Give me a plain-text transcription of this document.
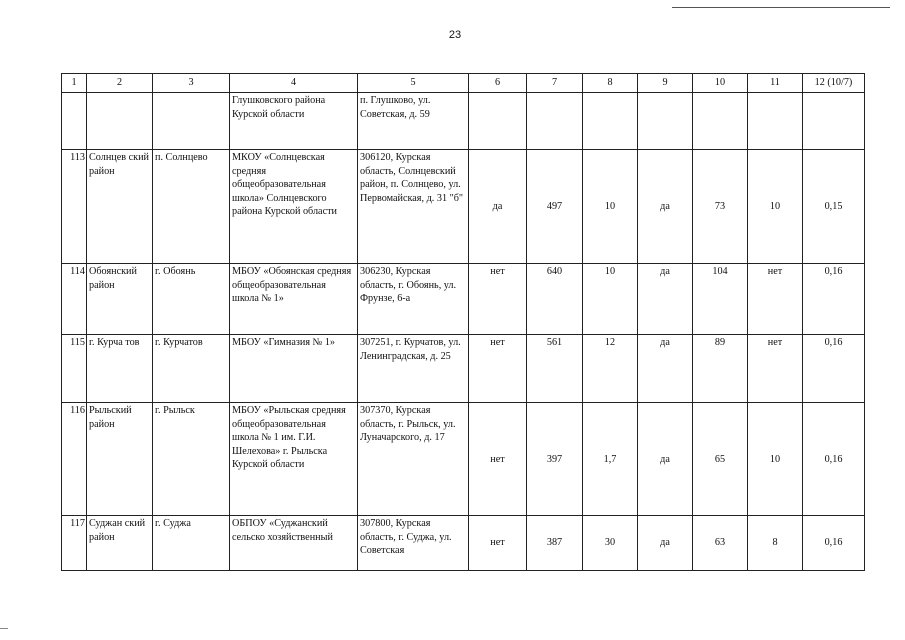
23
1	2	3	4	5	6	7	8	9	10	11	12 (10/7)
			Глушковского района Курской области	п. Глушково, ул. Советская, д. 59							
113	Солнцев ский район	п. Солнцево	МКОУ «Солнцевская средняя общеобразовательная школа» Солнцевского района Курской области	306120, Курская область, Солнцевский район, п. Солнцево, ул. Первомайская, д. 31 "б"	да	497	10	да	73	10	0,15
114	Обоянский район	г. Обоянь	МБОУ «Обоянская средняя общеобразовательная школа № 1»	306230, Курская область, г. Обоянь, ул. Фрунзе, 6-а	нет	640	10	да	104	нет	0,16
115	г. Курча тов	г. Курчатов	МБОУ «Гимназия № 1»	307251, г. Курчатов, ул. Ленинградская, д. 25	нет	561	12	да	89	нет	0,16
116	Рыльский район	г. Рыльск	МБОУ «Рыльская средняя общеобразовательная школа № 1 им. Г.И. Шелехова» г. Рыльска Курской области	307370, Курская область, г. Рыльск, ул. Луначарского, д. 17	нет	397	1,7	да	65	10	0,16
117	Суджан ский район	г. Суджа	ОБПОУ «Суджанский сельско хозяйственный	307800, Курская область, г. Суджа, ул. Советская	нет	387	30	да	63	8	0,16
